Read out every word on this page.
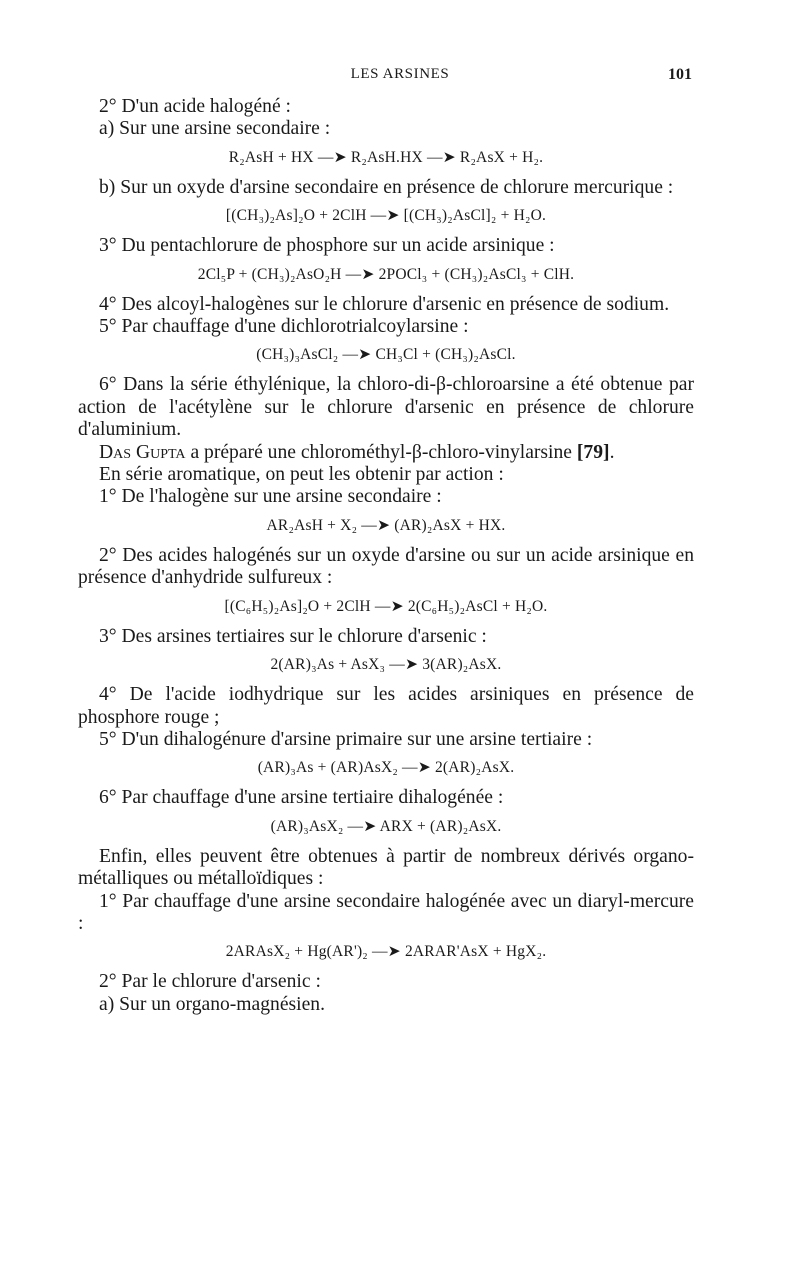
LES ARSINES	101

2° D'un acide halogéné :

a) Sur une arsine secondaire :

R₂AsH + HX —➤ R₂AsH.HX —➤ R₂AsX + H₂.

b) Sur un oxyde d'arsine secondaire en présence de chlorure mercurique :

[(CH₃)₂As]₂O + 2ClH —➤ [(CH₃)₂AsCl]₂ + H₂O.

3° Du pentachlorure de phosphore sur un acide arsinique :

2Cl₅P + (CH₃)₂AsO₂H —➤ 2POCl₃ + (CH₃)₂AsCl₃ + ClH.

4° Des alcoyl-halogènes sur le chlorure d'arsenic en présence de sodium.

5° Par chauffage d'une dichlorotrialcoylarsine :

(CH₃)₃AsCl₂ —➤ CH₃Cl + (CH₃)₂AsCl.

6° Dans la série éthylénique, la chloro-di-β-chloroarsine a été obtenue par action de l'acétylène sur le chlorure d'arsenic en présence de chlorure d'aluminium.

Das Gupta a préparé une chlorométhyl-β-chloro-vinylarsine [79].

En série aromatique, on peut les obtenir par action :

1° De l'halogène sur une arsine secondaire :

AR₂AsH + X₂ —➤ (AR)₂AsX + HX.

2° Des acides halogénés sur un oxyde d'arsine ou sur un acide arsinique en présence d'anhydride sulfureux :

[(C₆H₅)₂As]₂O + 2ClH —➤ 2(C₆H₅)₂AsCl + H₂O.

3° Des arsines tertiaires sur le chlorure d'arsenic :

2(AR)₃As + AsX₃ —➤ 3(AR)₂AsX.

4° De l'acide iodhydrique sur les acides arsiniques en présence de phosphore rouge ;

5° D'un dihalogénure d'arsine primaire sur une arsine tertiaire :

(AR)₃As + (AR)AsX₂ —➤ 2(AR)₂AsX.

6° Par chauffage d'une arsine tertiaire dihalogénée :

(AR)₃AsX₂ —➤ ARX + (AR)₂AsX.

Enfin, elles peuvent être obtenues à partir de nombreux dérivés organo-métalliques ou métalloïdiques :

1° Par chauffage d'une arsine secondaire halogénée avec un diaryl-mercure :

2ARAsX₂ + Hg(AR')₂ —➤ 2ARAR'AsX + HgX₂.

2° Par le chlorure d'arsenic :

a) Sur un organo-magnésien.
